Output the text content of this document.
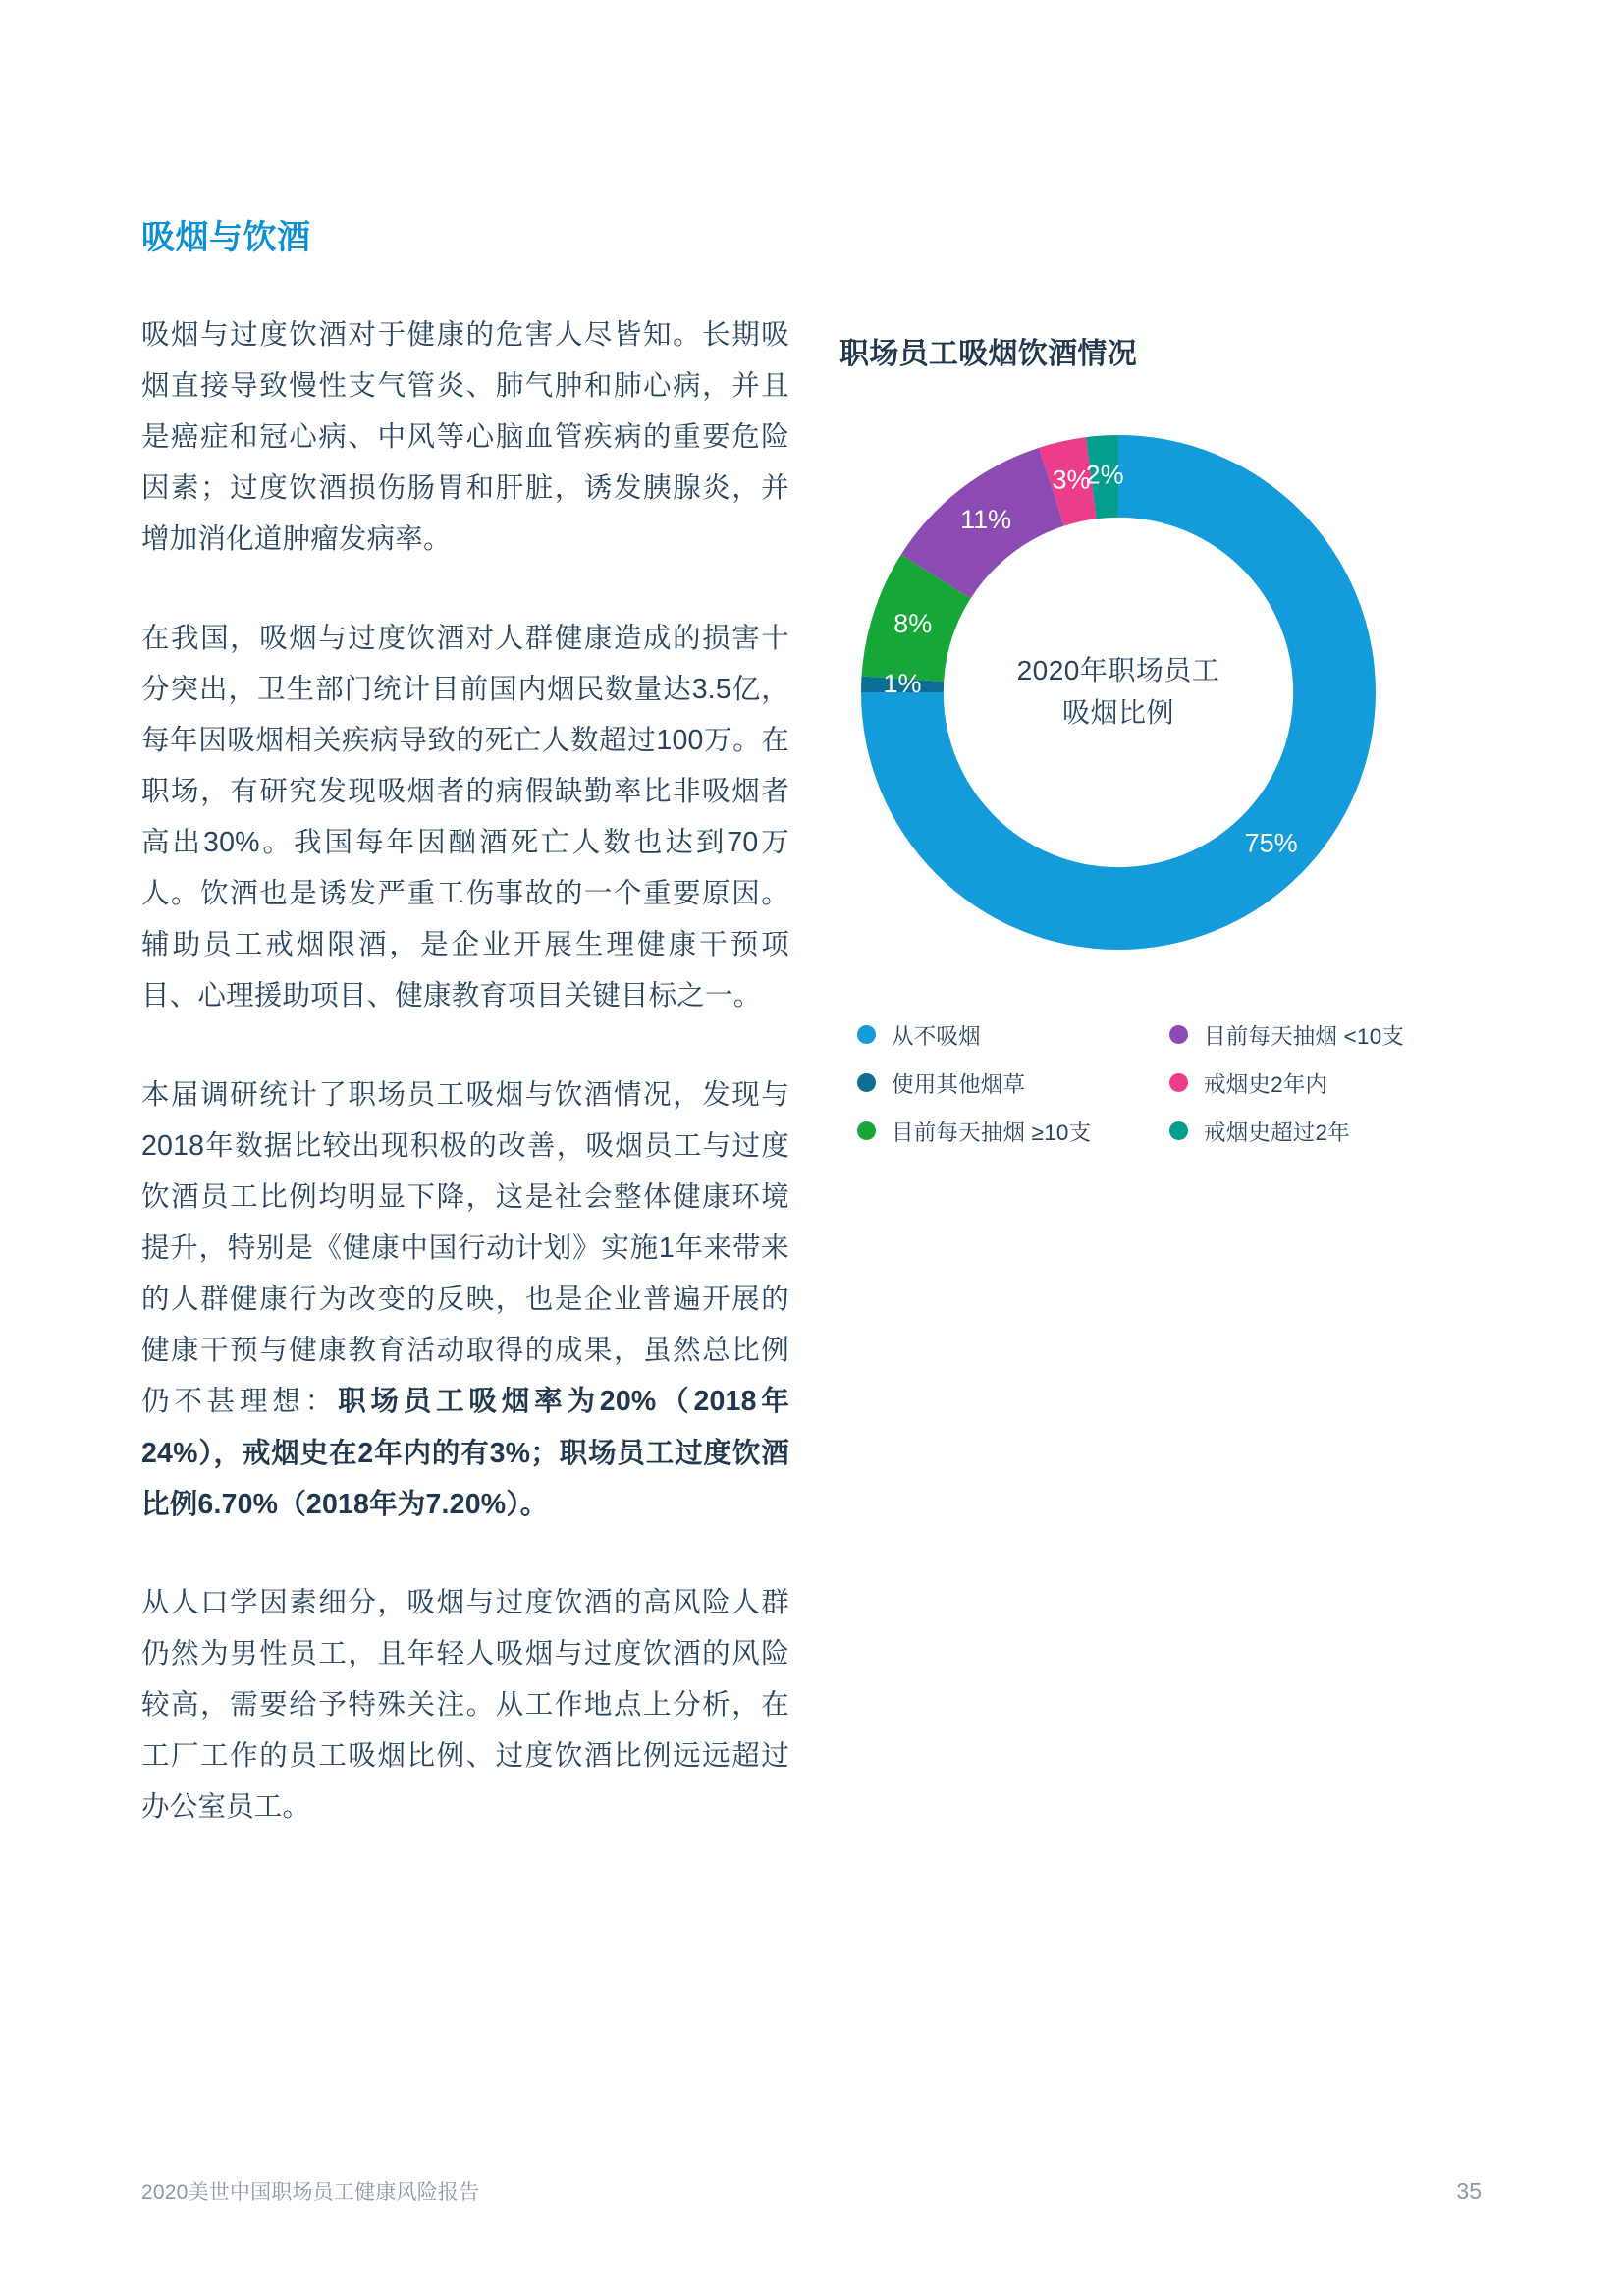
吸烟与饮酒

吸烟与过度饮酒对于健康的危害人尽皆知。长期吸烟直接导致慢性支气管炎、肺气肿和肺心病，并且是癌症和冠心病、中风等心脑血管疾病的重要危险因素；过度饮酒损伤肠胃和肝脏，诱发胰腺炎，并增加消化道肿瘤发病率。

在我国，吸烟与过度饮酒对人群健康造成的损害十分突出，卫生部门统计目前国内烟民数量达3.5亿，每年因吸烟相关疾病导致的死亡人数超过100万。在职场，有研究发现吸烟者的病假缺勤率比非吸烟者高出30%。我国每年因酗酒死亡人数也达到70万人。饮酒也是诱发严重工伤事故的一个重要原因。辅助员工戒烟限酒，是企业开展生理健康干预项目、心理援助项目、健康教育项目关键目标之一。

本届调研统计了职场员工吸烟与饮酒情况，发现与2018年数据比较出现积极的改善，吸烟员工与过度饮酒员工比例均明显下降，这是社会整体健康环境提升，特别是《健康中国行动计划》实施1年来带来的人群健康行为改变的反映，也是企业普遍开展的健康干预与健康教育活动取得的成果，虽然总比例仍不甚理想：职场员工吸烟率为20%（2018年24%），戒烟史在2年内的有3%；职场员工过度饮酒比例6.70%（2018年为7.20%）。

从人口学因素细分，吸烟与过度饮酒的高风险人群仍然为男性员工，且年轻人吸烟与过度饮酒的风险较高，需要给予特殊关注。从工作地点上分析，在工厂工作的员工吸烟比例、过度饮酒比例远远超过办公室员工。

职场员工吸烟饮酒情况
75%
1%
8%
11%
3%
2%
2020年职场员工
吸烟比例
从不吸烟	目前每天抽烟 <10支
使用其他烟草	戒烟史2年内
目前每天抽烟 ≥10支	戒烟史超过2年
2020美世中国职场员工健康风险报告	35
